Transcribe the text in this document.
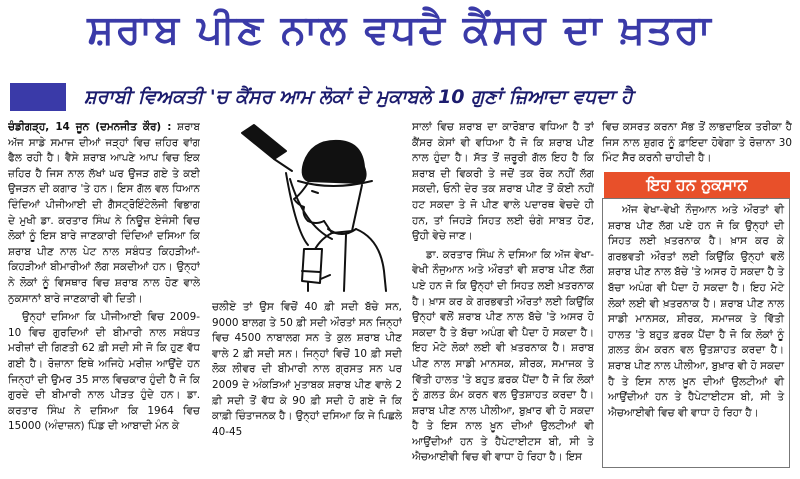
ਸ਼ਰਾਬ ਪੀਣ ਨਾਲ ਵਧਦੈ ਕੈਂਸਰ ਦਾ ਖ਼ਤਰਾ
ਸ਼ਰਾਬੀ ਵਿਅਕਤੀ 'ਚ ਕੈਂਸਰ ਆਮ ਲੋਕਾਂ ਦੇ ਮੁਕਾਬਲੇ 10 ਗੁਣਾਂ ਜ਼ਿਆਦਾ ਵਧਦਾ ਹੈ

ਚੰਡੀਗੜ੍ਹ, 14 ਜੂਨ (ਦਮਨਜੀਤ ਕੌਰ) : ਸ਼ਰਾਬ ਅੱਜ ਸਾਡੇ ਸਮਾਜ ਦੀਆਂ ਜੜ੍ਹਾਂ ਵਿਚ ਜ਼ਹਿਰ ਵਾਂਗ ਫੈਲ ਰਹੀ ਹੈ। ਵੈਸੇ ਸ਼ਰਾਬ ਆਪਣੇ ਆਪ ਵਿਚ ਇਕ ਜ਼ਹਿਰ ਹੈ ਜਿਸ ਨਾਲ ਲੱਖਾਂ ਘਰ ਉਜੜ ਗਏ ਤੇ ਕਈ ਉਜੜਨ ਦੀ ਕਗਾਰ 'ਤੇ ਹਨ। ਇਸ ਗੱਲ ਵਲ ਧਿਆਨ ਦਿੰਦਿਆਂ ਪੀਜੀਆਈ ਦੀ ਗੈਸਟ੍ਰੋਇੰਟੇਲੋਜੀ ਵਿਭਾਗ ਦੇ ਮੁਖੀ ਡਾ. ਕਰਤਾਰ ਸਿੰਘ ਨੇ ਨਿਊਜ਼ ਏਜੰਸੀ ਵਿਚ ਲੋਕਾਂ ਨੂੰ ਇਸ ਬਾਰੇ ਜਾਣਕਾਰੀ ਦਿੰਦਿਆਂ ਦਸਿਆ ਕਿ ਸ਼ਰਾਬ ਪੀਣ ਨਾਲ ਪੇਟ ਨਾਲ ਸਬੰਧਤ ਕਿਹੜੀਆਂ-ਕਿਹੜੀਆਂ ਬੀਮਾਰੀਆਂ ਲੱਗ ਸਕਦੀਆਂ ਹਨ। ਉਨ੍ਹਾਂ ਨੇ ਲੋਕਾਂ ਨੂੰ ਵਿਸਥਾਰ ਵਿਚ ਸ਼ਰਾਬ ਨਾਲ ਹੋਣ ਵਾਲੇ ਨੁਕਸਾਨਾਂ ਬਾਰੇ ਜਾਣਕਾਰੀ ਵੀ ਦਿਤੀ।

ਉਨ੍ਹਾਂ ਦਸਿਆ ਕਿ ਪੀਜੀਆਈ ਵਿਚ 2009-10 ਵਿਚ ਗੁਰਦਿਆਂ ਦੀ ਬੀਮਾਰੀ ਨਾਲ ਸਬੰਧਤ ਮਰੀਜ਼ਾਂ ਦੀ ਗਿਣਤੀ 62 ਫ਼ੀ ਸਦੀ ਸੀ ਜੋ ਕਿ ਹੁਣ ਵੱਧ ਗਈ ਹੈ। ਰੋਜ਼ਾਨਾ ਇਥੇ ਅਜਿਹੇ ਮਰੀਜ਼ ਆਉਂਦੇ ਹਨ ਜਿਨ੍ਹਾਂ ਦੀ ਉਮਰ 35 ਸਾਲ ਵਿਚਕਾਰ ਹੁੰਦੀ ਹੈ ਜੋ ਕਿ ਗੁਰਦੇ ਦੀ ਬੀਮਾਰੀ ਨਾਲ ਪੀੜਤ ਹੁੰਦੇ ਹਨ। ਡਾ. ਕਰਤਾਰ ਸਿੰਘ ਨੇ ਦਸਿਆ ਕਿ 1964 ਵਿਚ 15000 (ਅੰਦਾਜ਼ਨ) ਪਿੰਡ ਦੀ ਆਬਾਦੀ ਮੰਨ ਕੇ

ਚਲੀਏ ਤਾਂ ਉਸ ਵਿਚੋਂ 40 ਫ਼ੀ ਸਦੀ ਬੱਚੇ ਸਨ, 9000 ਬਾਲਗ ਤੇ 50 ਫ਼ੀ ਸਦੀ ਔਰਤਾਂ ਸਨ ਜਿਨ੍ਹਾਂ ਵਿਚ 4500 ਨਾਬਾਲਗ ਸਨ ਤੇ ਕੁਲ ਸ਼ਰਾਬ ਪੀਣ ਵਾਲੇ 2 ਫ਼ੀ ਸਦੀ ਸਨ। ਜਿਨ੍ਹਾਂ ਵਿਚੋਂ 10 ਫ਼ੀ ਸਦੀ ਲੋਕ ਲੀਵਰ ਦੀ ਬੀਮਾਰੀ ਨਾਲ ਗ੍ਰਸਤ ਸਨ ਪਰ 2009 ਦੇ ਅੰਕੜਿਆਂ ਮੁਤਾਬਕ ਸ਼ਰਾਬ ਪੀਣ ਵਾਲੇ 2 ਫ਼ੀ ਸਦੀ ਤੋਂ ਵੱਧ ਕੇ 90 ਫ਼ੀ ਸਦੀ ਹੋ ਗਏ ਜੋ ਕਿ ਕਾਫ਼ੀ ਚਿੰਤਾਜਨਕ ਹੈ। ਉਨ੍ਹਾਂ ਦਸਿਆ ਕਿ ਜੇ ਪਿਛਲੇ 40-45

ਸਾਲਾਂ ਵਿਚ ਸ਼ਰਾਬ ਦਾ ਕਾਰੋਬਾਰ ਵਧਿਆ ਹੈ ਤਾਂ ਕੈਂਸਰ ਕੇਸਾਂ ਵੀ ਵਧਿਆ ਹੈ ਜੋ ਕਿ ਸ਼ਰਾਬ ਪੀਣ ਨਾਲ ਹੁੰਦਾ ਹੈ। ਸੱਤ ਤੋਂ ਜ਼ਰੂਰੀ ਗੱਲ ਇਹ ਹੈ ਕਿ ਸ਼ਰਾਬ ਦੀ ਵਿਕਰੀ ਤੇ ਜਦੋਂ ਤਕ ਰੋਕ ਨਹੀਂ ਲੱਗ ਸਕਦੀ, ਓਨੀ ਦੇਰ ਤਕ ਸ਼ਰਾਬ ਪੀਣ ਤੋਂ ਕੋਈ ਨਹੀਂ ਹਟ ਸਕਦਾ ਤੇ ਜੋ ਪੀਣ ਵਾਲੇ ਪਦਾਰਥ ਵੇਚਦੇ ਹੀ ਹਨ, ਤਾਂ ਜਿਹੜੇ ਸਿਹਤ ਲਈ ਚੰਗੇ ਸਾਬਤ ਹੋਣ, ਉਹੀ ਵੇਚੇ ਜਾਣ।

ਡਾ. ਕਰਤਾਰ ਸਿੰਘ ਨੇ ਦਸਿਆ ਕਿ ਅੱਜ ਵੇਖਾ-ਵੇਖੀ ਨੌਜੁਆਨ ਅਤੇ ਔਰਤਾਂ ਵੀ ਸ਼ਰਾਬ ਪੀਣ ਲੱਗ ਪਏ ਹਨ ਜੋ ਕਿ ਉਨ੍ਹਾਂ ਦੀ ਸਿਹਤ ਲਈ ਖ਼ਤਰਨਾਕ ਹੈ। ਖ਼ਾਸ ਕਰ ਕੇ ਗਰਭਵਤੀ ਔਰਤਾਂ ਲਈ ਕਿਉਂਕਿ ਉਨ੍ਹਾਂ ਵਲੋਂ ਸ਼ਰਾਬ ਪੀਣ ਨਾਲ ਬੱਚੇ 'ਤੇ ਅਸਰ ਹੋ ਸਕਦਾ ਹੈ ਤੇ ਬੱਚਾ ਅਪੰਗ ਵੀ ਪੈਦਾ ਹੋ ਸਕਦਾ ਹੈ। ਇਹ ਮੋਟੇ ਲੋਕਾਂ ਲਈ ਵੀ ਖ਼ਤਰਨਾਕ ਹੈ। ਸ਼ਰਾਬ ਪੀਣ ਨਾਲ ਸਾਡੀ ਮਾਨਸਕ, ਸ਼ੀਰਕ, ਸਮਾਜਕ ਤੇ ਵਿੱਤੀ ਹਾਲਤ 'ਤੇ ਬਹੁਤ ਫ਼ਰਕ ਪੈਂਦਾ ਹੈ ਜੋ ਕਿ ਲੋਕਾਂ ਨੂੰ ਗ਼ਲਤ ਕੰਮ ਕਰਨ ਵਲ ਉਤਸ਼ਾਹਤ ਕਰਦਾ ਹੈ। ਸ਼ਰਾਬ ਪੀਣ ਨਾਲ ਪੀਲੀਆ, ਬੁਖ਼ਾਰ ਵੀ ਹੋ ਸਕਦਾ ਹੈ ਤੇ ਇਸ ਨਾਲ ਖ਼ੂਨ ਦੀਆਂ ਉਲਟੀਆਂ ਵੀ ਆਉਂਦੀਆਂ ਹਨ ਤੇ ਹੈਪੇਟਾਈਟਸ ਬੀ, ਸੀ ਤੇ ਐਚਆਈਵੀ ਵਿਚ ਵੀ ਵਾਧਾ ਹੋ ਰਿਹਾ ਹੈ। ਇਸ

ਵਿਚ ਕਸਰਤ ਕਰਨਾ ਸੱਭ ਤੋਂ ਲਾਭਦਾਇਕ ਤਰੀਕਾ ਹੈ ਜਿਸ ਨਾਲ ਸ਼ੁਗਰ ਨੂੰ ਫ਼ਾਇਦਾ ਹੋਵੇਗਾ ਤੇ ਰੋਜ਼ਾਨਾ 30 ਮਿੰਟ ਸੈਰ ਕਰਨੀ ਚਾਹੀਦੀ ਹੈ।

ਇਹ ਹਨ ਨੁਕਸਾਨ

ਅੱਜ ਵੇਖਾ-ਵੇਖੀ ਨੌਜੁਆਨ ਅਤੇ ਔਰਤਾਂ ਵੀ ਸ਼ਰਾਬ ਪੀਣ ਲੱਗ ਪਏ ਹਨ ਜੋ ਕਿ ਉਨ੍ਹਾਂ ਦੀ ਸਿਹਤ ਲਈ ਖ਼ਤਰਨਾਕ ਹੈ। ਖ਼ਾਸ ਕਰ ਕੇ ਗਰਭਵਤੀ ਔਰਤਾਂ ਲਈ ਕਿਉਂਕਿ ਉਨ੍ਹਾਂ ਵਲੋਂ ਸ਼ਰਾਬ ਪੀਣ ਨਾਲ ਬੱਚੇ 'ਤੇ ਅਸਰ ਹੋ ਸਕਦਾ ਹੈ ਤੇ ਬੱਚਾ ਅਪੰਗ ਵੀ ਪੈਦਾ ਹੋ ਸਕਦਾ ਹੈ। ਇਹ ਮੋਟੇ ਲੋਕਾਂ ਲਈ ਵੀ ਖ਼ਤਰਨਾਕ ਹੈ। ਸ਼ਰਾਬ ਪੀਣ ਨਾਲ ਸਾਡੀ ਮਾਨਸਕ, ਸ਼ੀਰਕ, ਸਮਾਜਕ ਤੇ ਵਿੱਤੀ ਹਾਲਤ 'ਤੇ ਬਹੁਤ ਫ਼ਰਕ ਪੈਂਦਾ ਹੈ ਜੋ ਕਿ ਲੋਕਾਂ ਨੂੰ ਗ਼ਲਤ ਕੰਮ ਕਰਨ ਵਲ ਉਤਸ਼ਾਹਤ ਕਰਦਾ ਹੈ। ਸ਼ਰਾਬ ਪੀਣ ਨਾਲ ਪੀਲੀਆ, ਬੁਖ਼ਾਰ ਵੀ ਹੋ ਸਕਦਾ ਹੈ ਤੇ ਇਸ ਨਾਲ ਖ਼ੂਨ ਦੀਆਂ ਉਲਟੀਆਂ ਵੀ ਆਉਂਦੀਆਂ ਹਨ ਤੇ ਹੈਪੇਟਾਈਟਸ ਬੀ, ਸੀ ਤੇ ਐਚਆਈਵੀ ਵਿਚ ਵੀ ਵਾਧਾ ਹੋ ਰਿਹਾ ਹੈ।
